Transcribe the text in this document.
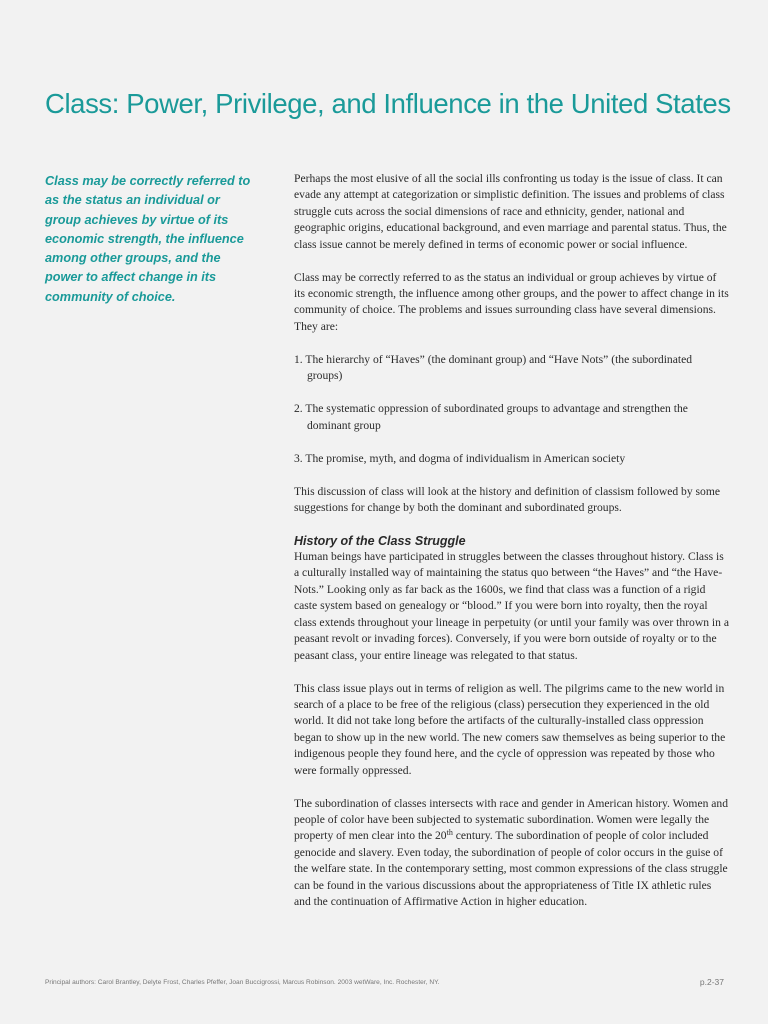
Class: Power, Privilege, and Influence in the United States

Class may be correctly referred to as the status an individual or group achieves by virtue of its economic strength, the influence among other groups, and the power to affect change in its community of choice.

Perhaps the most elusive of all the social ills confronting us today is the issue of class. It can evade any attempt at categorization or simplistic definition. The issues and problems of class struggle cuts across the social dimensions of race and ethnicity, gender, national and geographic origins, educational background, and even marriage and parental status. Thus, the class issue cannot be merely defined in terms of economic power or social influence.

Class may be correctly referred to as the status an individual or group achieves by virtue of its economic strength, the influence among other groups, and the power to affect change in its community of choice. The problems and issues surrounding class have several dimensions. They are:

1. The hierarchy of “Haves” (the dominant group) and “Have Nots” (the subordinated groups)
2. The systematic oppression of subordinated groups to advantage and strengthen the dominant group
3. The promise, myth, and dogma of individualism in American society

This discussion of class will look at the history and definition of classism followed by some suggestions for change by both the dominant and subordinated groups.

History of the Class Struggle

Human beings have participated in struggles between the classes throughout history. Class is a culturally installed way of maintaining the status quo between “the Haves” and “the Have-Nots.” Looking only as far back as the 1600s, we find that class was a function of a rigid caste system based on genealogy or “blood.” If you were born into royalty, then the royal class extends throughout your lineage in perpetuity (or until your family was over thrown in a peasant revolt or invading forces). Conversely, if you were born outside of royalty or to the peasant class, your entire lineage was relegated to that status.

This class issue plays out in terms of religion as well. The pilgrims came to the new world in search of a place to be free of the religious (class) persecution they experienced in the old world. It did not take long before the artifacts of the culturally-installed class oppression began to show up in the new world. The new comers saw themselves as being superior to the indigenous people they found here, and the cycle of oppression was repeated by those who were formally oppressed.

The subordination of classes intersects with race and gender in American history. Women and people of color have been subjected to systematic subordination. Women were legally the property of men clear into the 20th century. The subordination of people of color included genocide and slavery. Even today, the subordination of people of color occurs in the guise of the welfare state. In the contemporary setting, most common expressions of the class struggle can be found in the various discussions about the appropriateness of Title IX athletic rules and the continuation of Affirmative Action in higher education.

Principal authors: Carol Brantley, Delyte Frost, Charles Pfeffer, Joan Buccigrossi, Marcus Robinson. 2003 wetWare, Inc. Rochester, NY.	p.2-37
